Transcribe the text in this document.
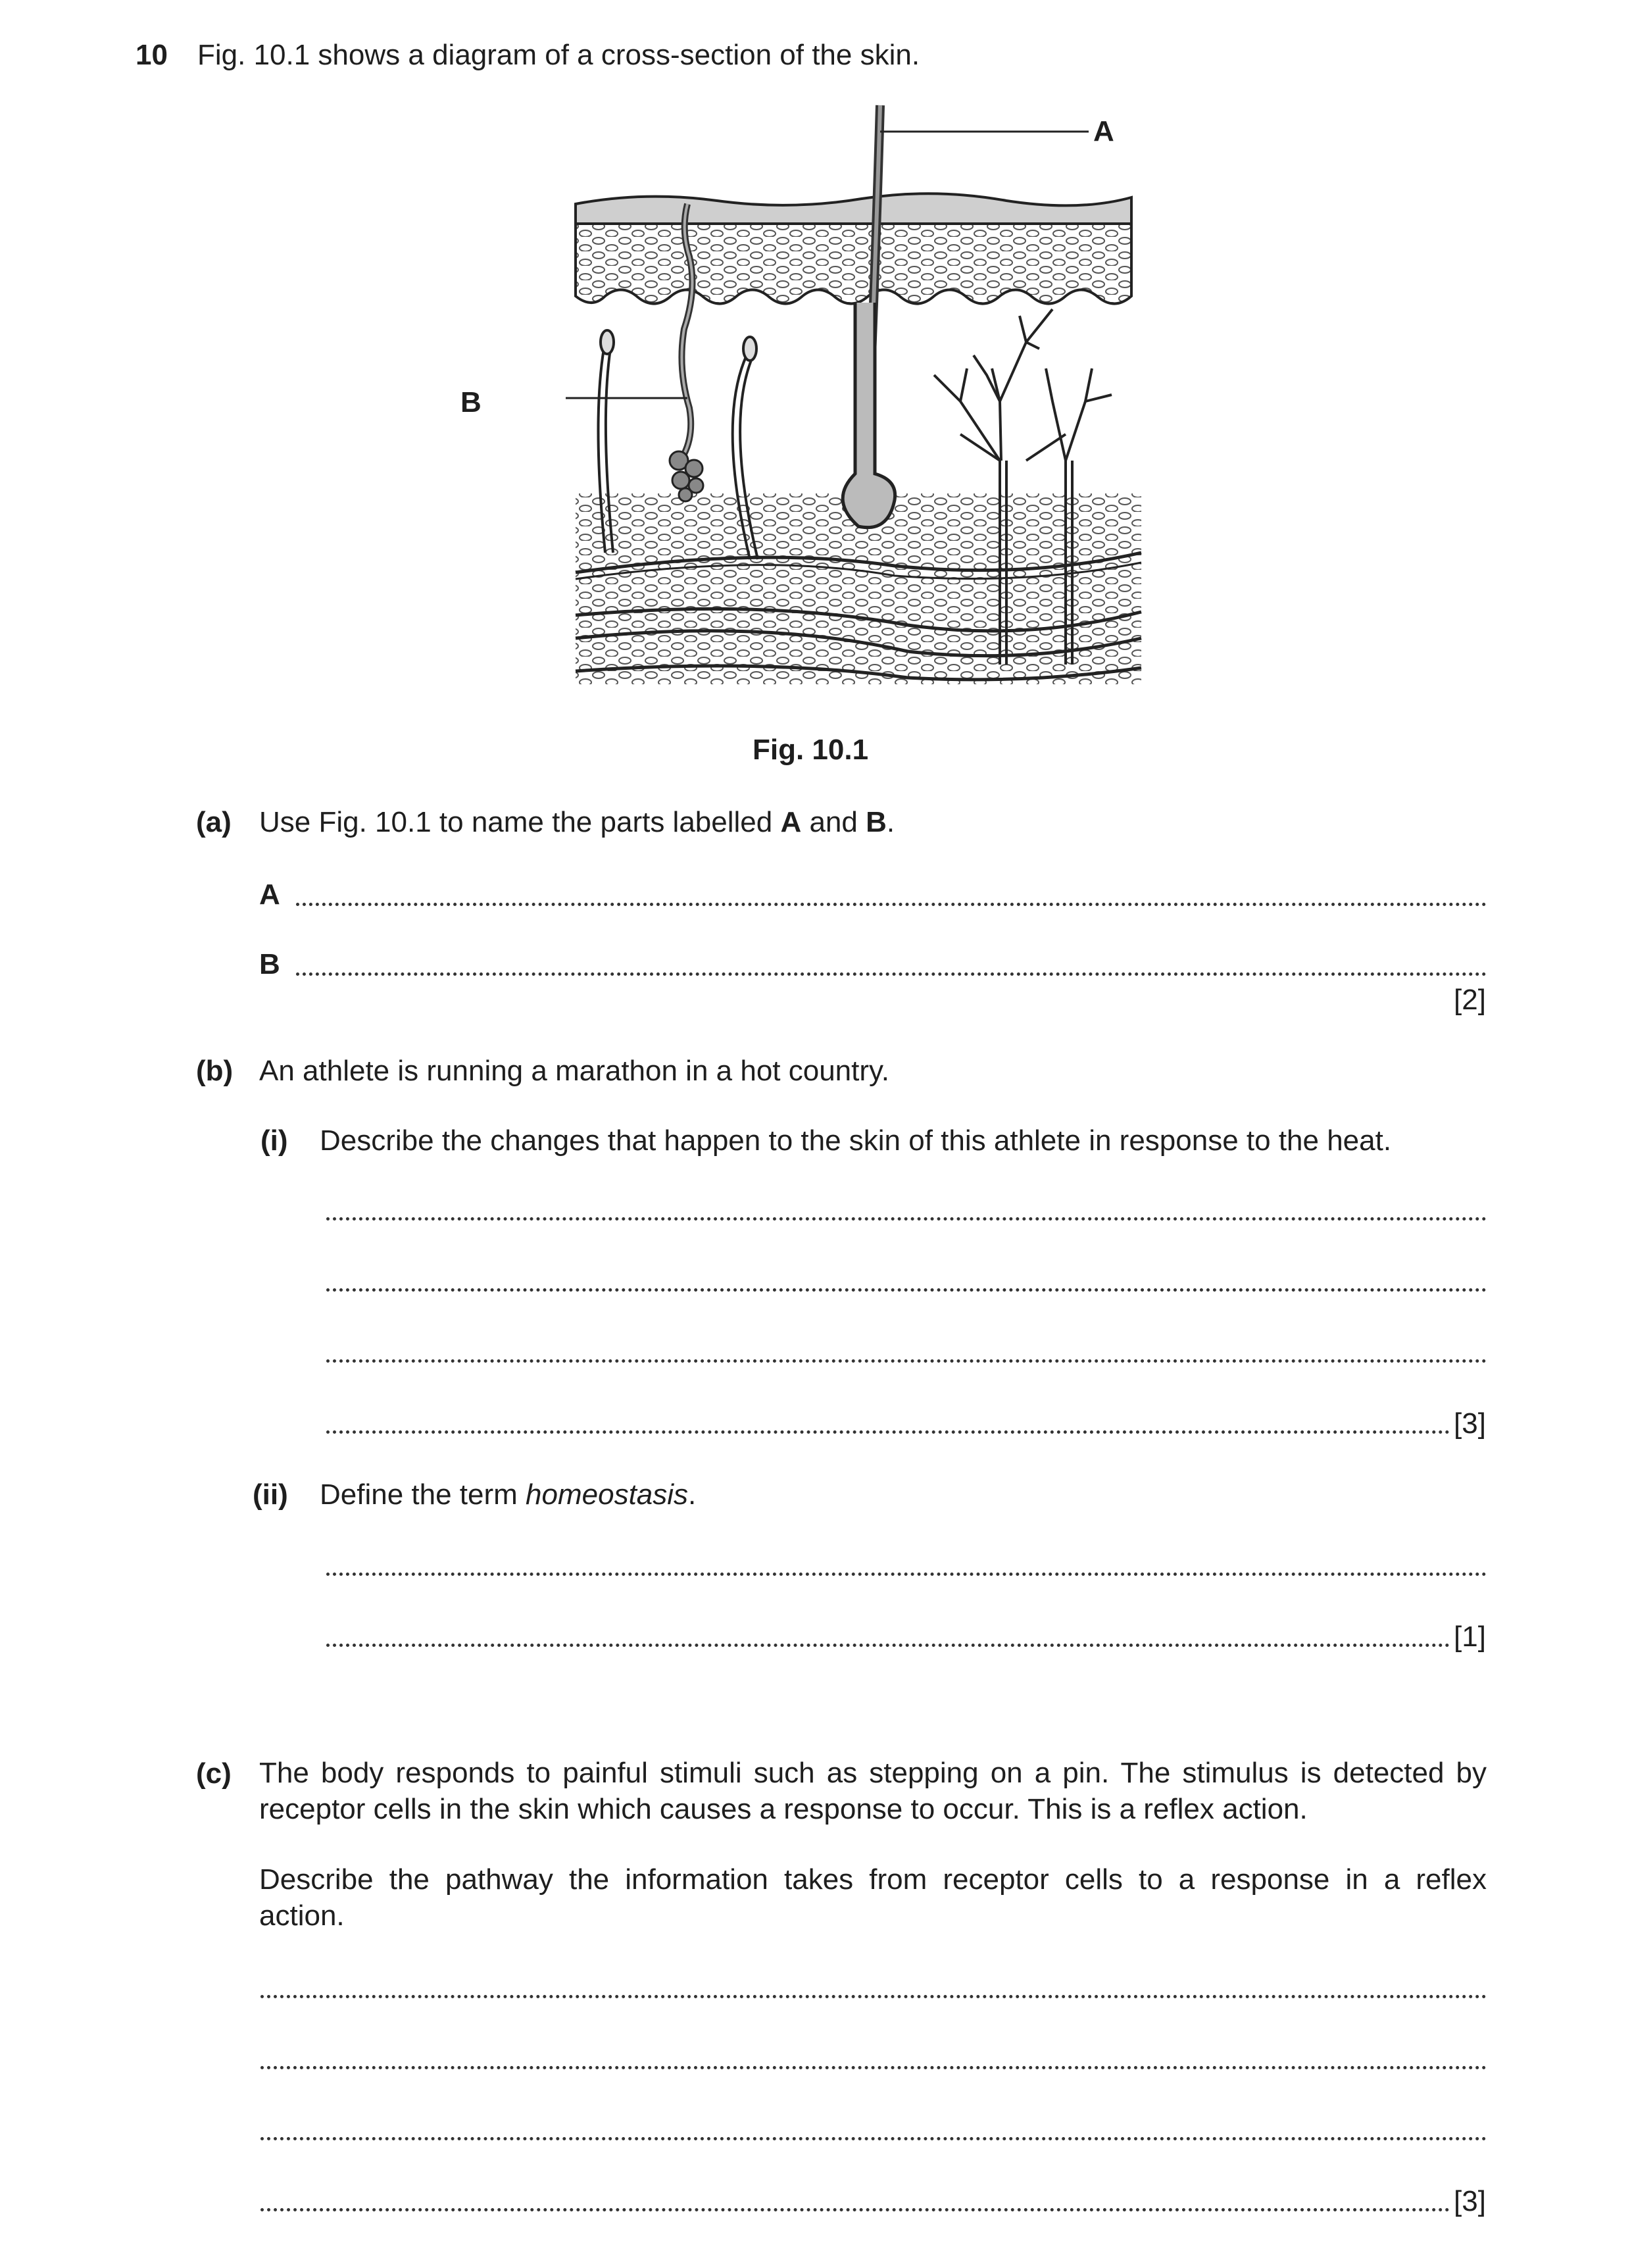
10 Fig. 10.1 shows a diagram of a cross-section of the skin.
A
B
Fig. 10.1
(a) Use Fig. 10.1 to name the parts labelled A and B.
A
B
[2]
(b) An athlete is running a marathon in a hot country.
(i) Describe the changes that happen to the skin of this athlete in response to the heat.
[3]
(ii) Define the term homeostasis.
[1]
(c) The body responds to painful stimuli such as stepping on a pin. The stimulus is detected by
receptor cells in the skin which causes a response to occur. This is a reflex action.
Describe the pathway the information takes from receptor cells to a response in a reflex
action.
[3]
